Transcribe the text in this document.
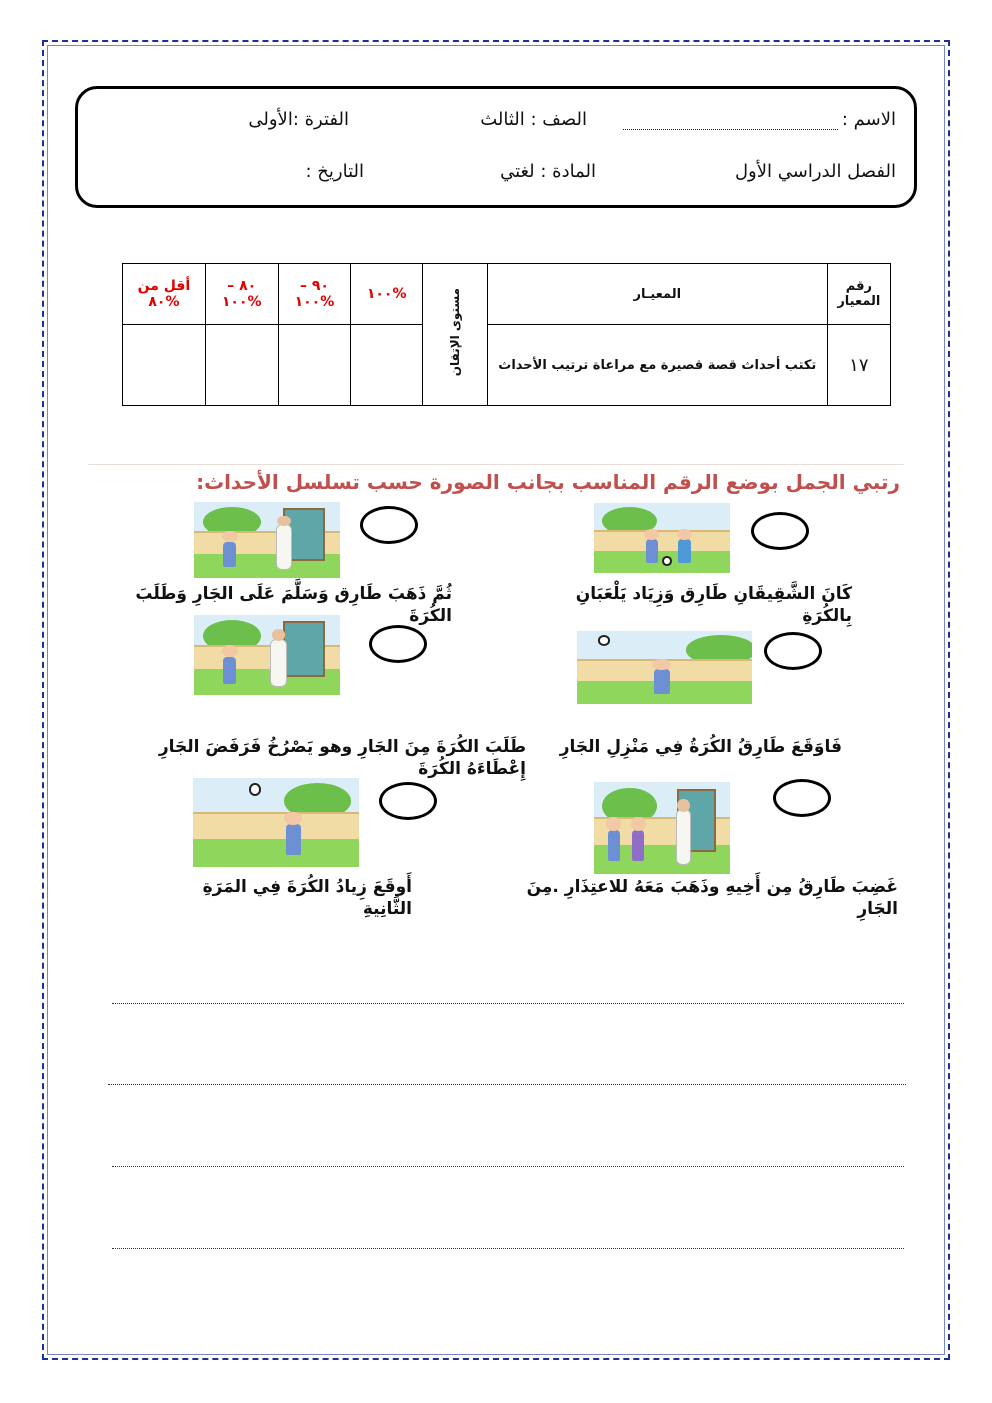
الاسم :
الصف : الثالث
الفترة :الأولى
الفصل الدراسي الأول
المادة : لغتي
التاريخ :
رقم المعيار	المعيـار	مستوى الإتقان	%١٠٠	٩٠ – %١٠٠	٨٠ – %١٠٠	أقل من %٨٠
١٧	تكتب أحداث قصة قصيرة مع مراعاة ترتيب الأحداث					
رتبي الجمل بوضع الرقم المناسب بجانب الصورة حسب تسلسل الأحداث:
كَانَ الشَّقِيقَانِ طَارِق وَزِيَاد يَلْعَبَانِ بِالكُرَةِ
ثُمَّ ذَهَبَ طَارِق وَسَلَّمَ عَلَى الجَارِ وَطَلَبَ الكُرَةَ
فَاوَقَعَ طَارِقُ الكُرَةُ فِي مَنْزِلِ الجَارِ
طَلَبَ الكُرَةَ مِنَ الجَارِ وهو يَصْرُخُ فَرَفَضَ الجَارِ إِعْطَاءَهُ الكُرَةَ
غَضِبَ طَارِقُ مِن أَخِيهِ وذَهَبَ مَعَهُ للاعتِذَارِ .مِنَ الجَارِ
أَوقَعَ زِيادُ الكُرَةَ فِي المَرَةِ الثَّانِيةِ
